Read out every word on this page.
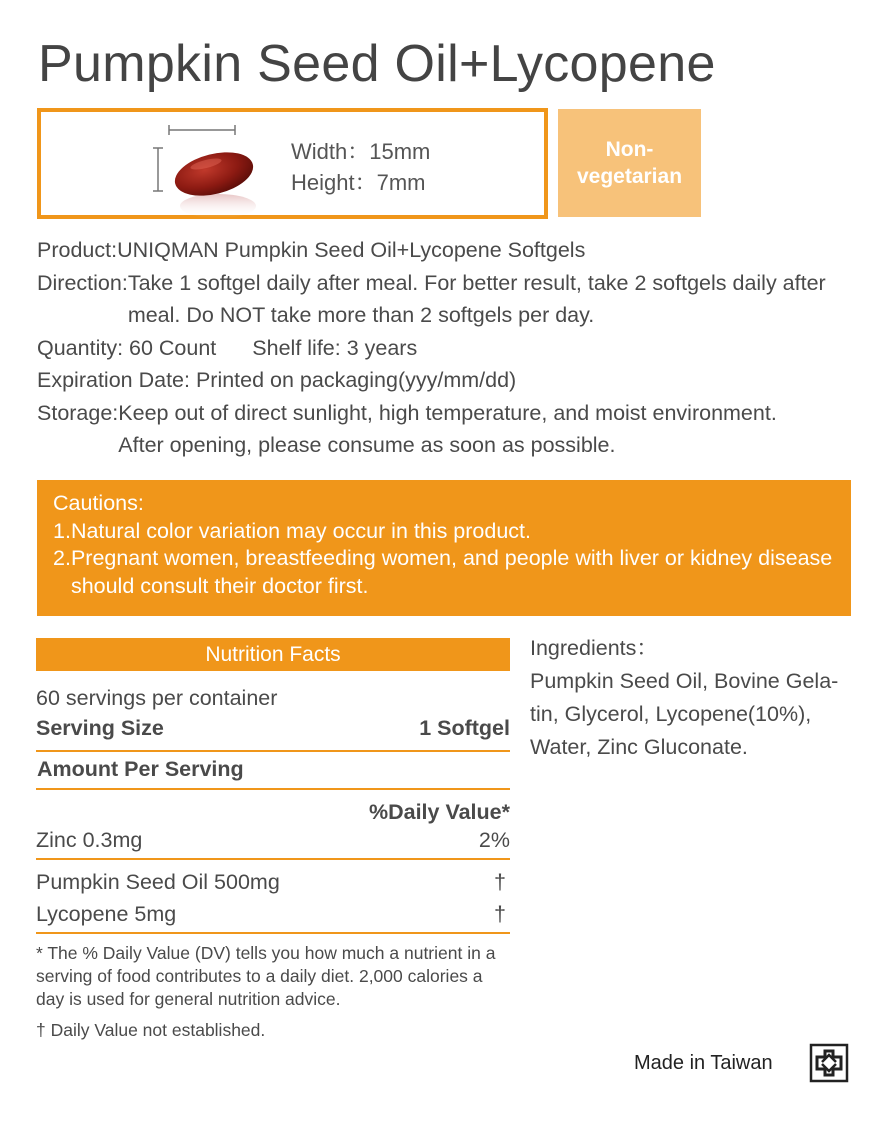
Pumpkin Seed Oil+Lycopene
Width：15mm
Height：7mm
Non-
vegetarian
Product: UNIQMAN Pumpkin Seed Oil+Lycopene Softgels
Direction: Take 1 softgel daily after meal. For better result, take 2 softgels daily after meal. Do NOT take more than 2 softgels per day.
Quantity: 60 Count Shelf life: 3 years
Expiration Date: Printed on packaging(yyy/mm/dd)
Storage: Keep out of direct sunlight, high temperature, and moist environment. After opening, please consume as soon as possible.
Cautions:
1. Natural color variation may occur in this product.
2. Pregnant women, breastfeeding women, and people with liver or kidney disease should consult their doctor first.
Nutrition Facts
60 servings per container
Serving Size	1 Softgel
Amount Per Serving
%Daily Value*
Zinc 0.3mg	2%
Pumpkin Seed Oil 500mg	†
Lycopene 5mg	†
* The % Daily Value (DV) tells you how much a nutrient in a serving of food contributes to a daily diet. 2,000 calories a day is used for general nutrition advice.
† Daily Value not established.
Ingredients：
Pumpkin Seed Oil, Bovine Gela-
tin, Glycerol, Lycopene(10%),
Water, Zinc Gluconate.
Made in Taiwan
